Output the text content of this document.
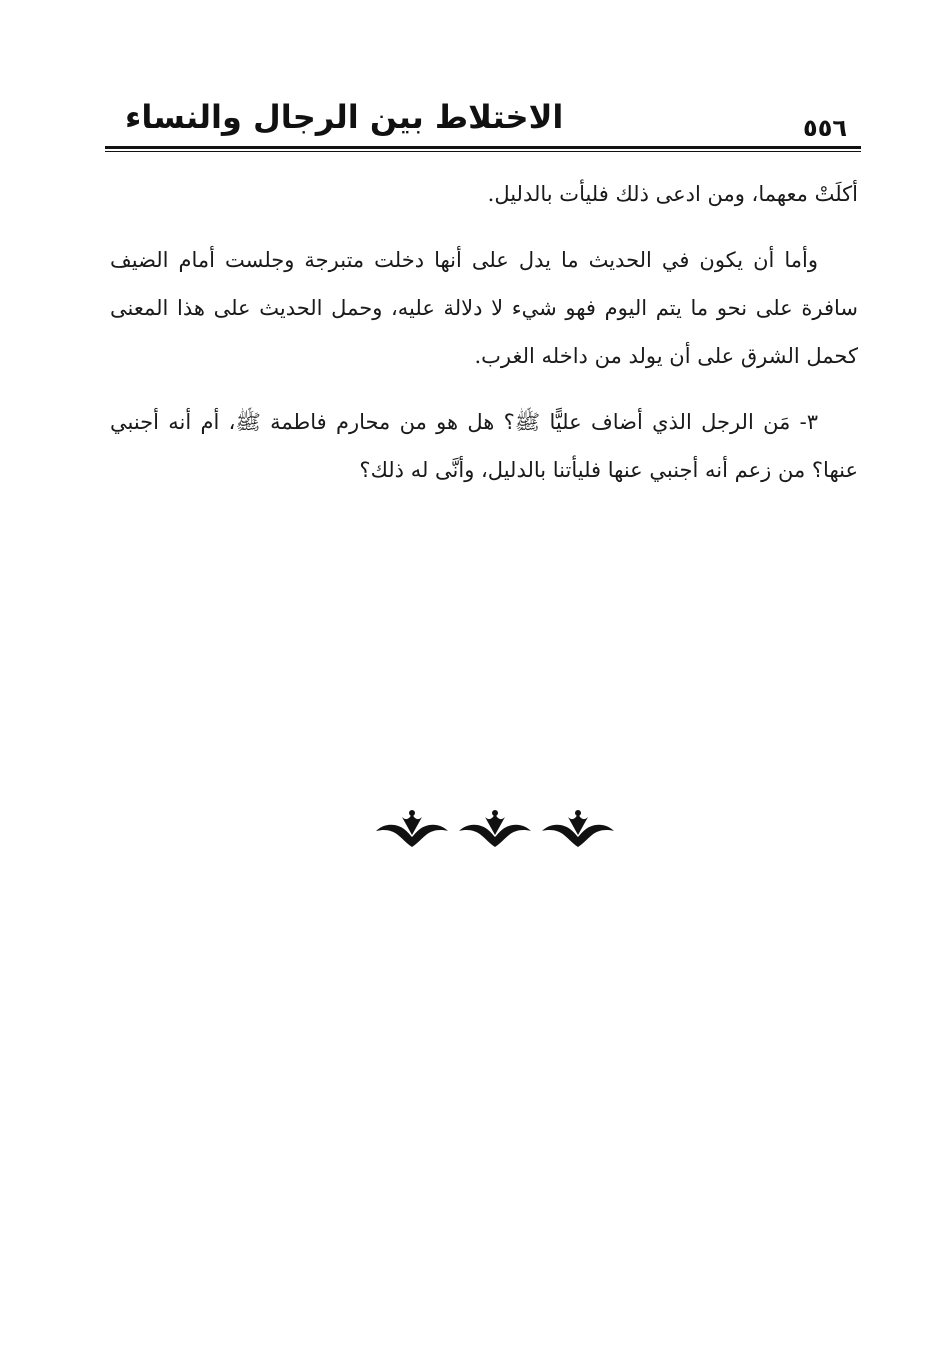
الاختلاط بين الرجال والنساء	٥٥٦

أكلَتْ معهما، ومن ادعى ذلك فليأت بالدليل.

وأما أن يكون في الحديث ما يدل على أنها دخلت متبرجة وجلست أمام الضيف سافرة على نحو ما يتم اليوم فهو شيء لا دلالة عليه، وحمل الحديث على هذا المعنى كحمل الشرق على أن يولد من داخله الغرب.

٣- مَن الرجل الذي أضاف عليًّا ﷺ؟ هل هو من محارم فاطمة ﷺ، أم أنه أجنبي عنها؟ من زعم أنه أجنبي عنها فليأتنا بالدليل، وأنَّى له ذلك؟
